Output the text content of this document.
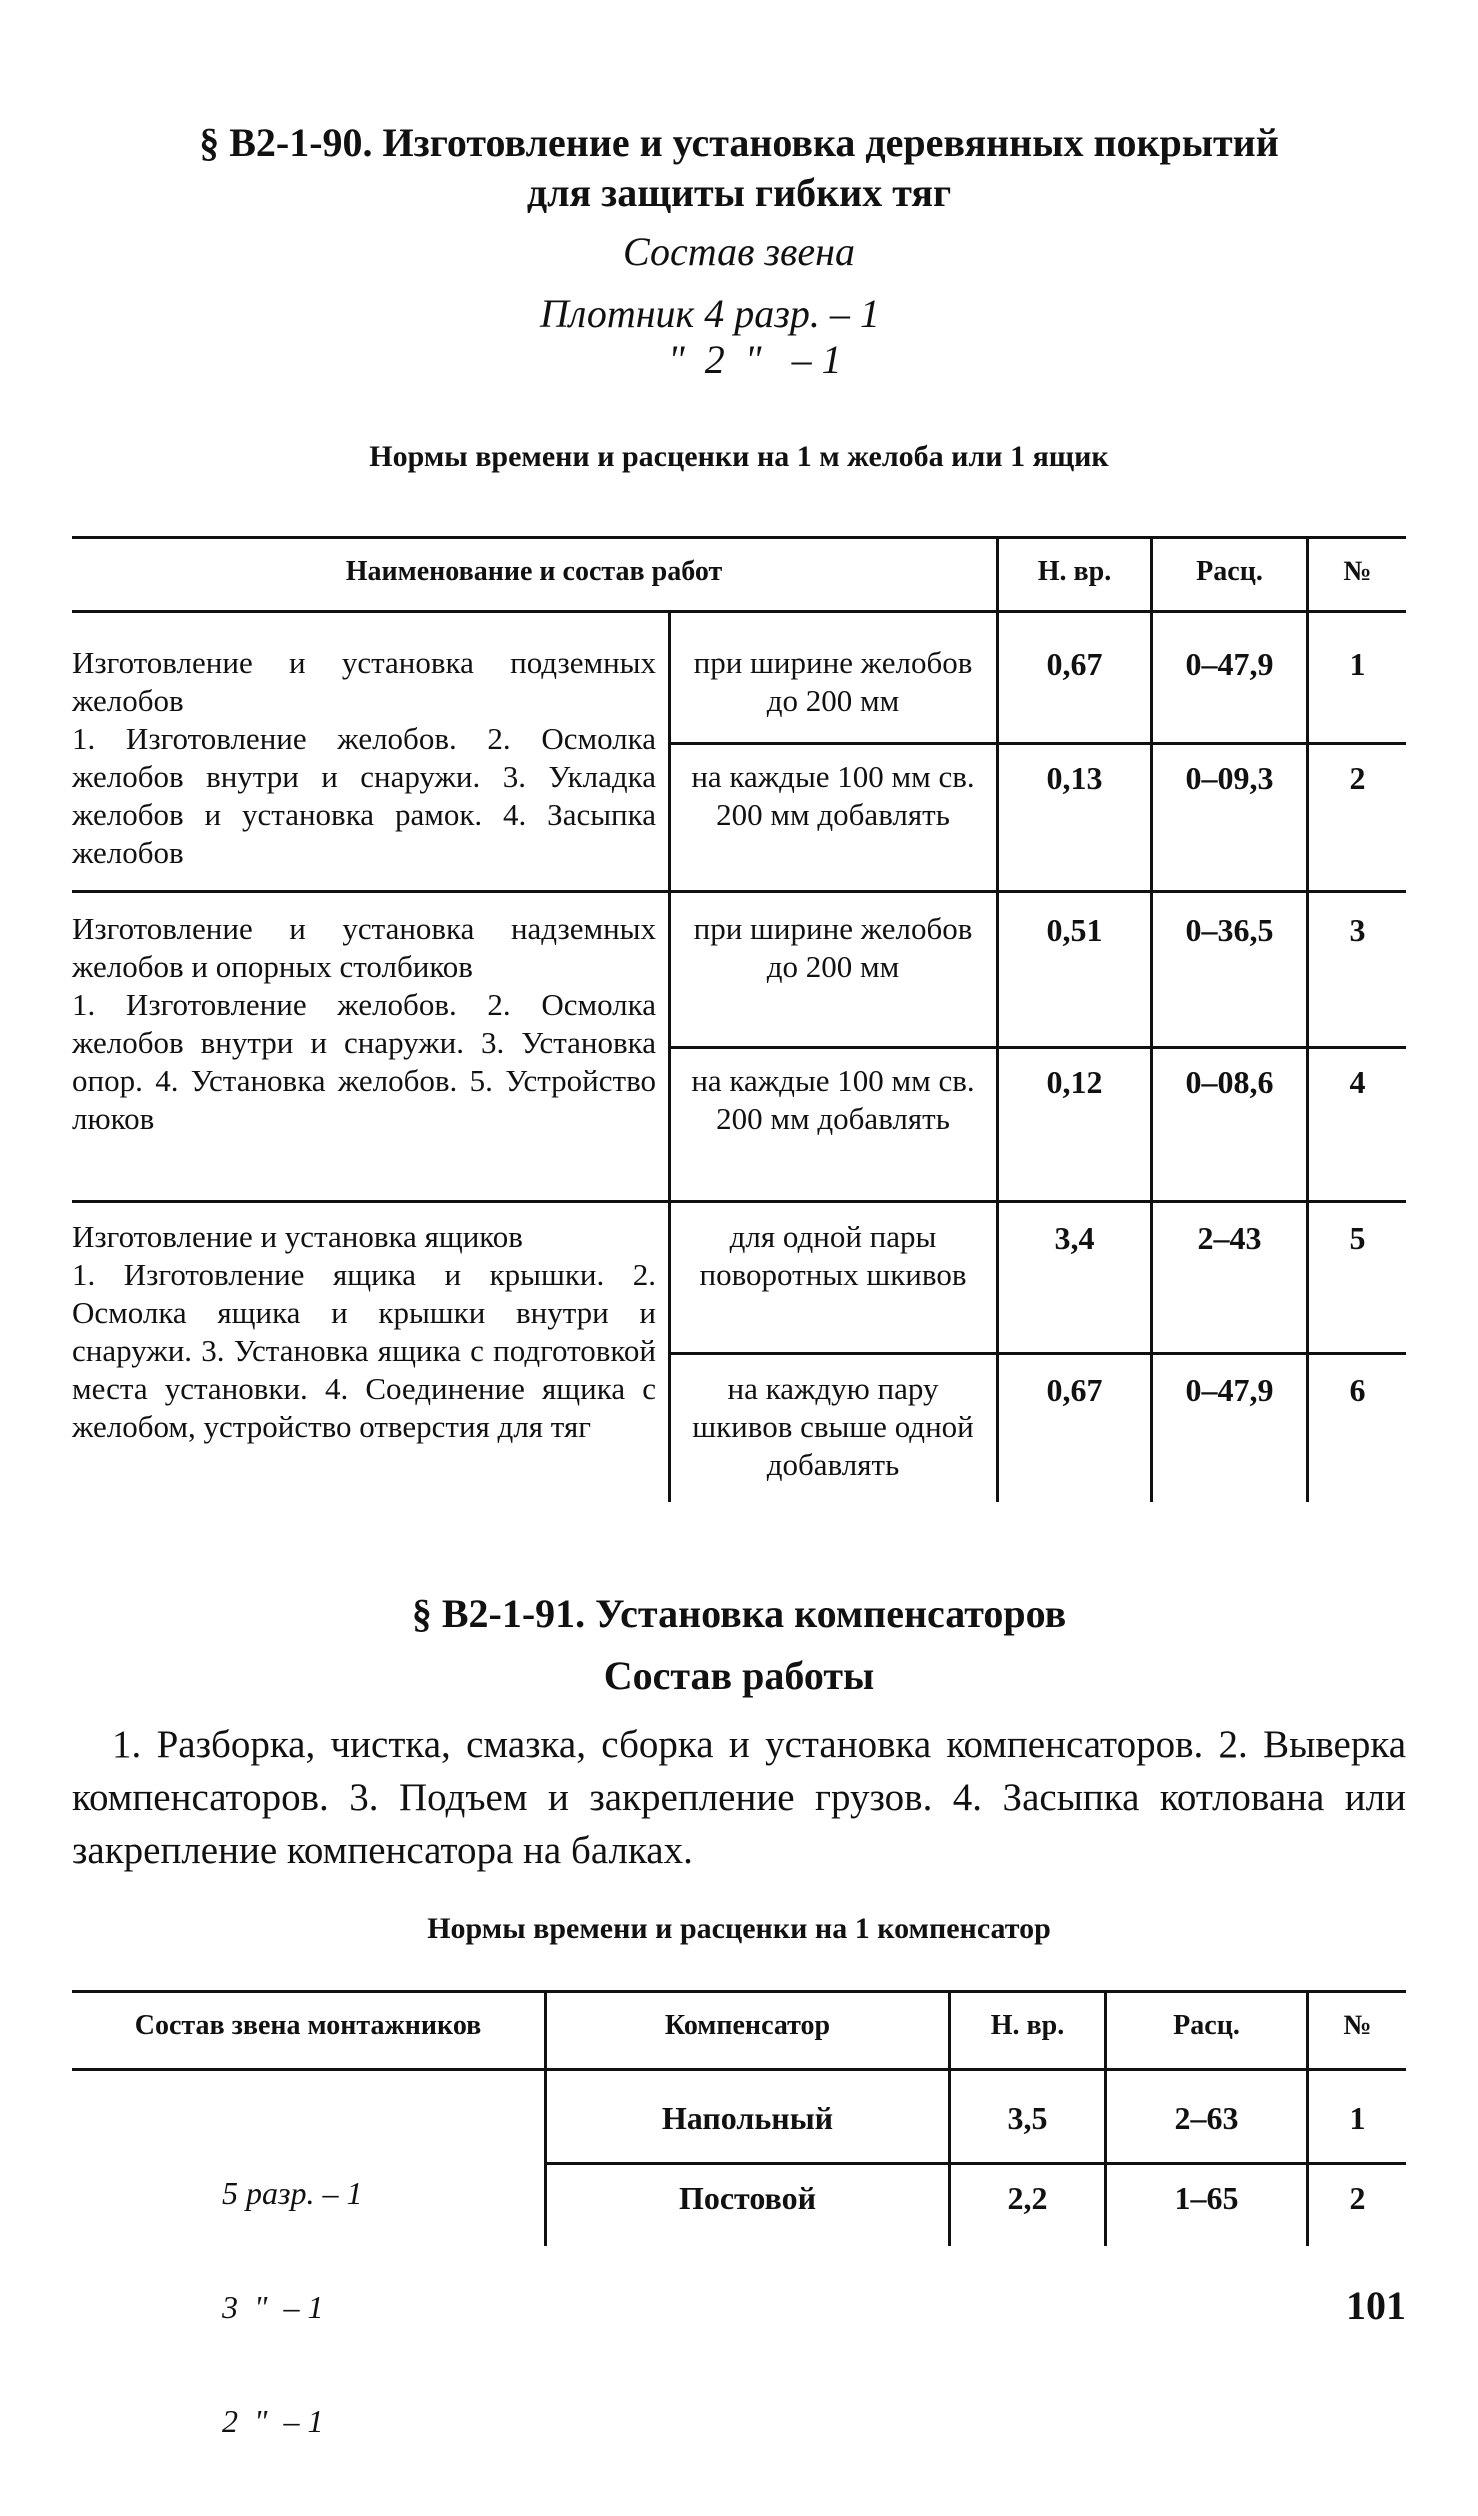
§ В2-1-90. Изготовление и установка деревянных покрытий
для защиты гибких тяг
Состав звена
Плотник 4 разр. – 1
"  2  "   – 1
Нормы времени и расценки на 1 м желоба или 1 ящик
Наименование и состав работ	Н. вр.	Расц.	№
Изготовление и установка подземных желобов
1. Изготовление желобов. 2. Осмолка желобов внутри и снаружи. 3. Укладка желобов и установка рамок. 4. Засыпка желобов
при ширине желобов до 200 мм
0,67	0–47,9	1
на каждые 100 мм св. 200 мм добавлять
0,13	0–09,3	2
Изготовление и установка надземных желобов и опорных столбиков
1. Изготовление желобов. 2. Осмолка желобов внутри и снаружи. 3. Установка опор. 4. Установка желобов. 5. Устройство люков
при ширине желобов до 200 мм
0,51	0–36,5	3
на каждые 100 мм св. 200 мм добавлять
0,12	0–08,6	4
Изготовление и установка ящиков
1. Изготовление ящика и крышки. 2. Осмолка ящика и крышки внутри и снаружи. 3. Установка ящика с подготовкой места установки. 4. Соединение ящика с желобом, устройство отверстия для тяг
для одной пары поворотных шкивов
3,4	2–43	5
на каждую пару шкивов свыше одной добавлять
0,67	0–47,9	6
§ В2-1-91. Установка компенсаторов
Состав работы
1. Разборка, чистка, смазка, сборка и установка компенсаторов. 2. Выверка компенсаторов. 3. Подъем и закрепление грузов. 4. Засыпка котлована или закрепление компенсатора на балках.
Нормы времени и расценки на 1 компенсатор
Состав звена монтажников	Компенсатор	Н. вр.	Расц.	№

5 разр. – 1

3  "  – 1

2  "  – 1

Напольный	3,5	2–63	1
Постовой	2,2	1–65	2
101
